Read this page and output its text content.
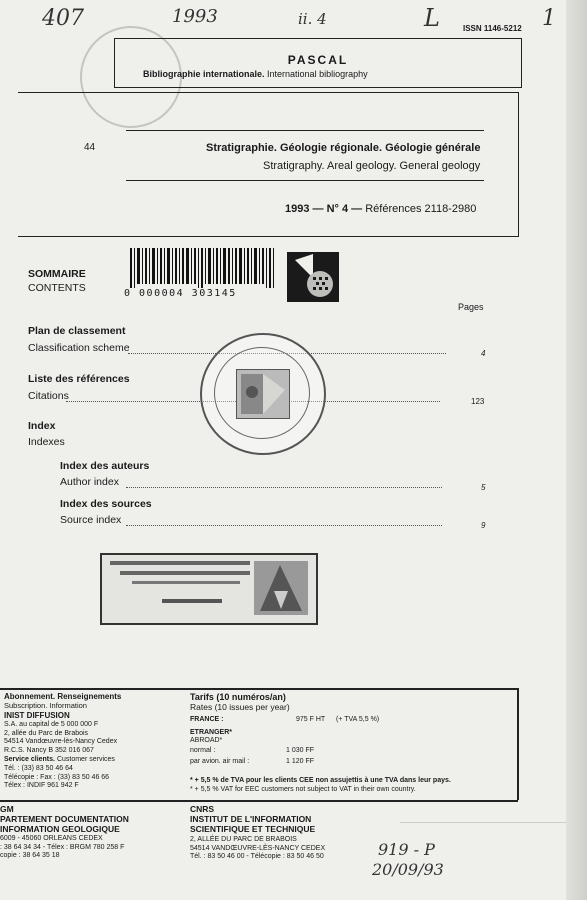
407	1993	ii. 4	L	1
ISSN 1146-5212
PASCAL
Bibliographie internationale. International bibliography
44	Stratigraphie. Géologie régionale. Géologie générale
Stratigraphy. Areal geology. General geology
1993 — N° 4 — Références 2118-2980
0 000004 303145
SOMMAIRE
CONTENTS
Pages
Plan de classement
Classification scheme	4
Liste des références
Citations	123
Index
Indexes
Index des auteurs
Author index	5
Index des sources
Source index	9
Abonnement. Renseignements
Subscription. Information
INIST DIFFUSION
S.A. au capital de 5 000 000 F
2, allée du Parc de Brabois
54514 Vandœuvre-lès-Nancy Cedex
R.C.S. Nancy B 352 016 067
Service clients. Customer services
Tél. : (33) 83 50 46 64
Télécopie : Fax : (33) 83 50 46 66
Télex : INDIF 961 942 F
Tarifs (10 numéros/an)
Rates (10 issues per year)
FRANCE :	975 F HT (+ TVA 5,5 %)
ETRANGER*
ABROAD*
normal :	1 030 FF
par avion. air mail :	1 120 FF
* + 5,5 % de TVA pour les clients CEE non assujettis à une TVA dans leur pays.
* + 5,5 % VAT for EEC customers not subject to VAT in their own country.
GM
PARTEMENT DOCUMENTATION
INFORMATION GEOLOGIQUE
6009 - 45060 ORLEANS CEDEX
: 38 64 34 34 - Télex : BRGM 780 258 F
copie : 38 64 35 18
CNRS
INSTITUT DE L'INFORMATION
SCIENTIFIQUE ET TECHNIQUE
2, ALLÉE DU PARC DE BRABOIS
54514 VANDŒUVRE-LÈS-NANCY CEDEX
Tél. : 83 50 46 00 - Télécopie : 83 50 46 50	919 - P
20/09/93
